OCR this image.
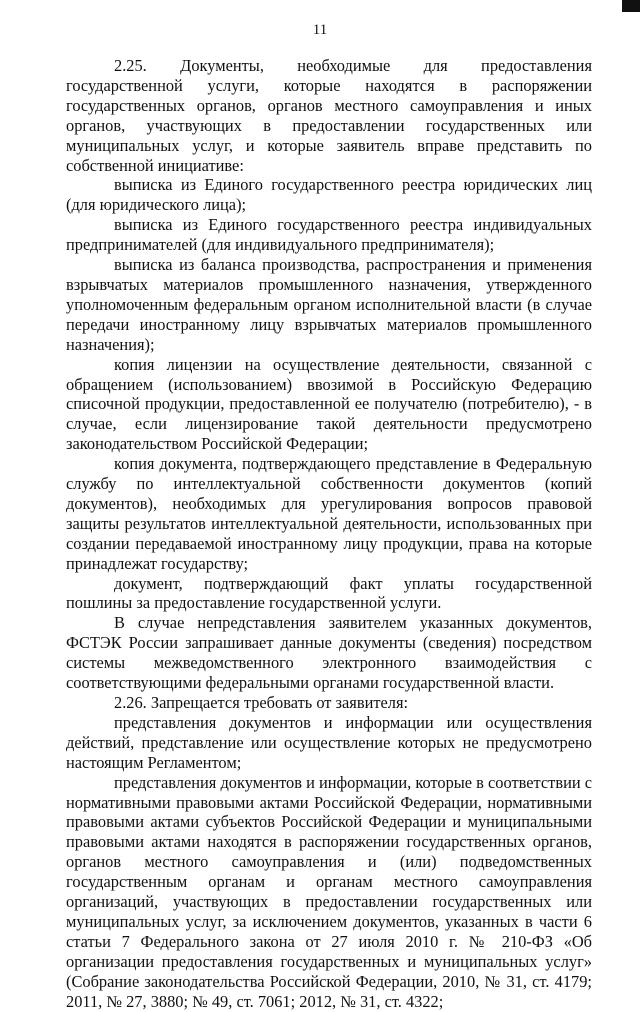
11

2.25. Документы, необходимые для предоставления государственной услуги, которые находятся в распоряжении государственных органов, органов местного самоуправления и иных органов, участвующих в предоставлении государственных или муниципальных услуг, и которые заявитель вправе представить по собственной инициативе:

выписка из Единого государственного реестра юридических лиц (для юридического лица);

выписка из Единого государственного реестра индивидуальных предпринимателей (для индивидуального предпринимателя);

выписка из баланса производства, распространения и применения взрывчатых материалов промышленного назначения, утвержденного уполномоченным федеральным органом исполнительной власти (в случае передачи иностранному лицу взрывчатых материалов промышленного назначения);

копия лицензии на осуществление деятельности, связанной с обращением (использованием) ввозимой в Российскую Федерацию списочной продукции, предоставленной ее получателю (потребителю), - в случае, если лицензирование такой деятельности предусмотрено законодательством Российской Федерации;

копия документа, подтверждающего представление в Федеральную службу по интеллектуальной собственности документов (копий документов), необходимых для урегулирования вопросов правовой защиты результатов интеллектуальной деятельности, использованных при создании передаваемой иностранному лицу продукции, права на которые принадлежат государству;

документ, подтверждающий факт уплаты государственной пошлины за предоставление государственной услуги.

В случае непредставления заявителем указанных документов, ФСТЭК России запрашивает данные документы (сведения) посредством системы межведомственного электронного взаимодействия с соответствующими федеральными органами государственной власти.

2.26. Запрещается требовать от заявителя:

представления документов и информации или осуществления действий, представление или осуществление которых не предусмотрено настоящим Регламентом;

представления документов и информации, которые в соответствии с нормативными правовыми актами Российской Федерации, нормативными правовыми актами субъектов Российской Федерации и муниципальными правовыми актами находятся в распоряжении государственных органов, органов местного самоуправления и (или) подведомственных государственным органам и органам местного самоуправления организаций, участвующих в предоставлении государственных или муниципальных услуг, за исключением документов, указанных в части 6 статьи 7 Федерального закона от 27 июля 2010 г. № 210-ФЗ «Об организации предоставления государственных и муниципальных услуг» (Собрание законодательства Российской Федерации, 2010, № 31, ст. 4179; 2011, № 27, 3880; № 49, ст. 7061; 2012, № 31, ст. 4322;
